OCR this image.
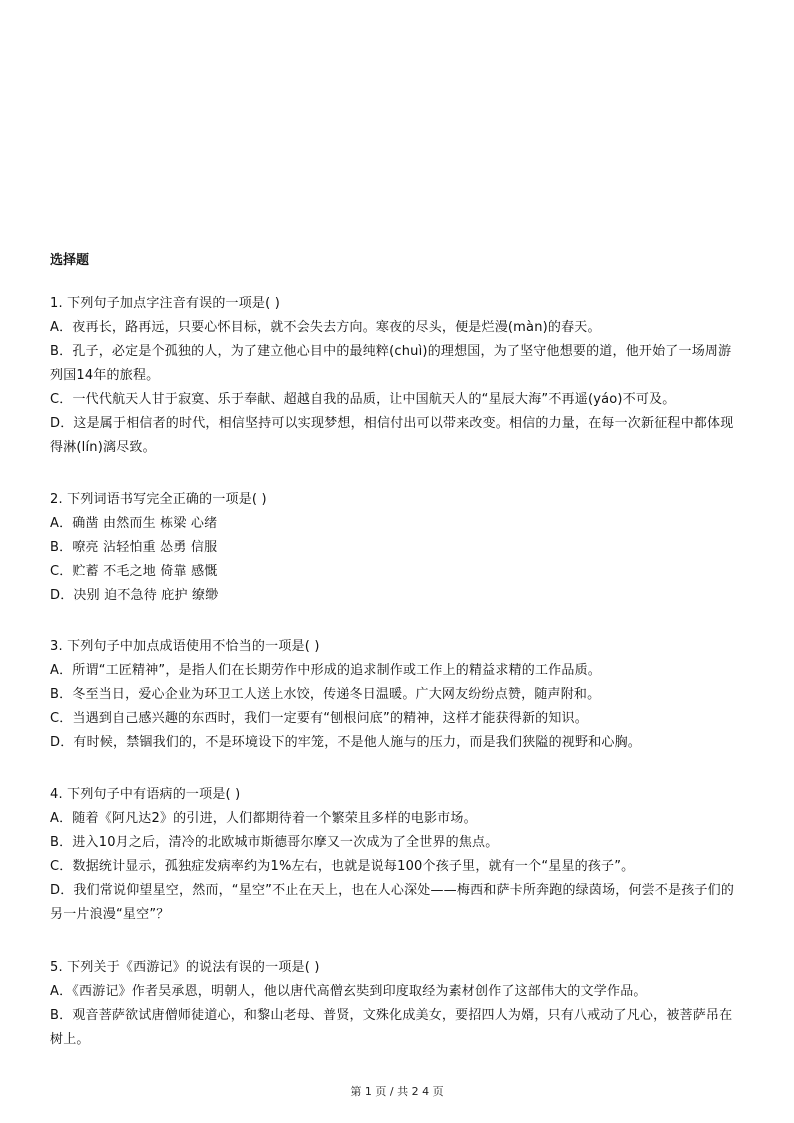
选择题

1. 下列句子加点字注音有误的一项是( )

A．夜再长，路再远，只要心怀目标，就不会失去方向。寒夜的尽头，便是烂漫(màn)的春天。

B．孔子，必定是个孤独的人，为了建立他心目中的最纯粹(chuì)的理想国，为了坚守他想要的道，他开始了一场周游

列国14年的旅程。

C．一代代航天人甘于寂寞、乐于奉献、超越自我的品质，让中国航天人的“星辰大海”不再遥(yáo)不可及。

D．这是属于相信者的时代，相信坚持可以实现梦想，相信付出可以带来改变。相信的力量，在每一次新征程中都体现

得淋(lín)漓尽致。

2. 下列词语书写完全正确的一项是( )

A．确凿 由然而生 栋梁 心绪

B．嘹亮 沾轻怕重 怂勇 信服

C．贮蓄 不毛之地 倚靠 感慨

D．决别 迫不急待 庇护 缭缈

3. 下列句子中加点成语使用不恰当的一项是( )

A．所谓“工匠精神”，是指人们在长期劳作中形成的追求制作或工作上的精益求精的工作品质。

B．冬至当日，爱心企业为环卫工人送上水饺，传递冬日温暖。广大网友纷纷点赞，随声附和。

C．当遇到自己感兴趣的东西时，我们一定要有“刨根问底”的精神，这样才能获得新的知识。

D．有时候，禁锢我们的，不是环境设下的牢笼，不是他人施与的压力，而是我们狭隘的视野和心胸。

4. 下列句子中有语病的一项是( )

A．随着《阿凡达2》的引进，人们都期待着一个繁荣且多样的电影市场。

B．进入10月之后，清冷的北欧城市斯德哥尔摩又一次成为了全世界的焦点。

C．数据统计显示，孤独症发病率约为1%左右，也就是说每100个孩子里，就有一个“星星的孩子”。

D．我们常说仰望星空，然而，“星空”不止在天上，也在人心深处——梅西和萨卡所奔跑的绿茵场，何尝不是孩子们的

另一片浪漫“星空”？

5. 下列关于《西游记》的说法有误的一项是( )

A．《西游记》作者吴承恩，明朝人，他以唐代高僧玄奘到印度取经为素材创作了这部伟大的文学作品。

B．观音菩萨欲试唐僧师徒道心，和黎山老母、普贤，文殊化成美女，要招四人为婿，只有八戒动了凡心，被菩萨吊在

树上。

第 1 页 / 共 2 4 页
